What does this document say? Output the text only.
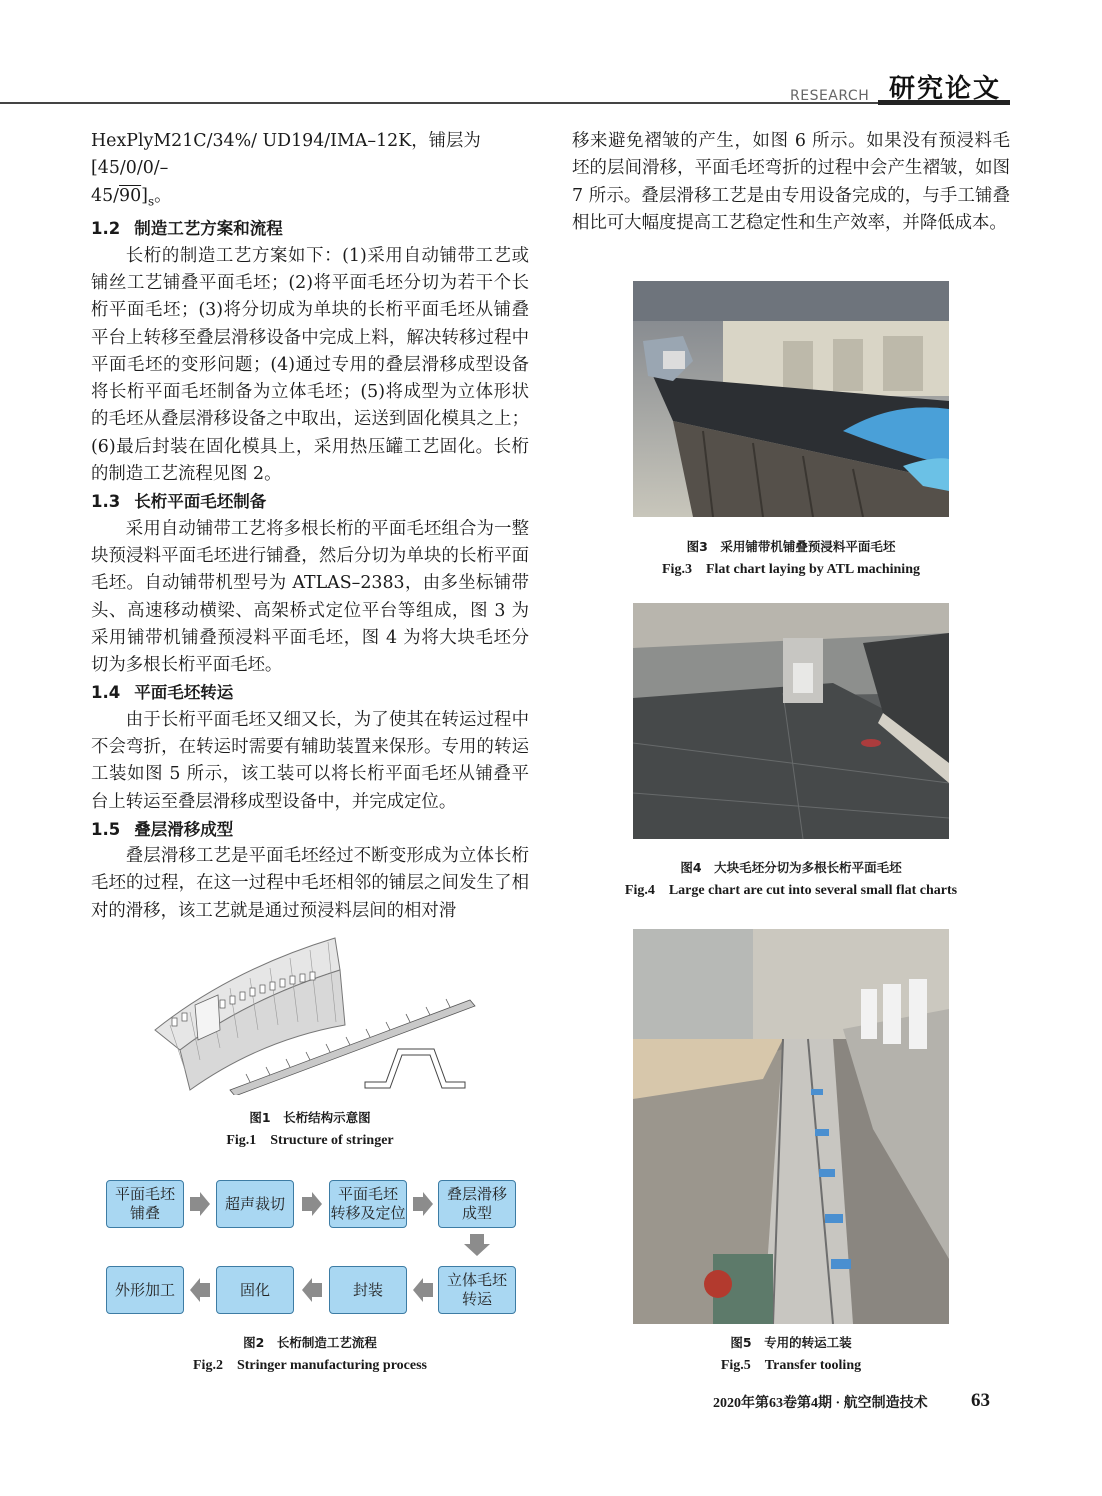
RESEARCH 研究论文

HexPlyM21C/34%/ UD194/IMA–12K，铺层为 [45/0/0/–

$45/90]_s$。

1.2 制造工艺方案和流程

长桁的制造工艺方案如下：(1)采用自动铺带工艺或铺丝工艺铺叠平面毛坯；(2)将平面毛坯分切为若干个长桁平面毛坯；(3)将分切成为单块的长桁平面毛坯从铺叠平台上转移至叠层滑移设备中完成上料，解决转移过程中平面毛坯的变形问题；(4)通过专用的叠层滑移成型设备将长桁平面毛坯制备为立体毛坯；(5)将成型为立体形状的毛坯从叠层滑移设备之中取出，运送到固化模具之上；(6)最后封装在固化模具上，采用热压罐工艺固化。长桁的制造工艺流程见图 2。

1.3 长桁平面毛坯制备

采用自动铺带工艺将多根长桁的平面毛坯组合为一整块预浸料平面毛坯进行铺叠，然后分切为单块的长桁平面毛坯。自动铺带机型号为 ATLAS–2383，由多坐标铺带头、高速移动横梁、高架桥式定位平台等组成，图 3 为采用铺带机铺叠预浸料平面毛坯，图 4 为将大块毛坯分切为多根长桁平面毛坯。

1.4 平面毛坯转运

由于长桁平面毛坯又细又长，为了使其在转运过程中不会弯折，在转运时需要有辅助装置来保形。专用的转运工装如图 5 所示，该工装可以将长桁平面毛坯从铺叠平台上转运至叠层滑移成型设备中，并完成定位。

1.5 叠层滑移成型

叠层滑移工艺是平面毛坯经过不断变形成为立体长桁毛坯的过程，在这一过程中毛坯相邻的铺层之间发生了相对的滑移，该工艺就是通过预浸料层间的相对滑

移来避免褶皱的产生，如图 6 所示。如果没有预浸料毛坯的层间滑移，平面毛坯弯折的过程中会产生褶皱，如图 7 所示。叠层滑移工艺是由专用设备完成的，与手工铺叠相比可大幅度提高工艺稳定性和生产效率，并降低成本。

图1　长桁结构示意图
Fig.1　Structure of stringer
平面毛坯
铺叠
超声裁切
平面毛坯
转移及定位
叠层滑移
成型
立体毛坯
转运
封装
固化
外形加工
图2　长桁制造工艺流程
Fig.2　Stringer manufacturing process
图3　采用铺带机铺叠预浸料平面毛坯
Fig.3　Flat chart laying by ATL machining
图4　大块毛坯分切为多根长桁平面毛坯
Fig.4　Large chart are cut into several small flat charts
图5　专用的转运工装
Fig.5　Transfer tooling
2020年第63卷第4期 · 航空制造技术 63
